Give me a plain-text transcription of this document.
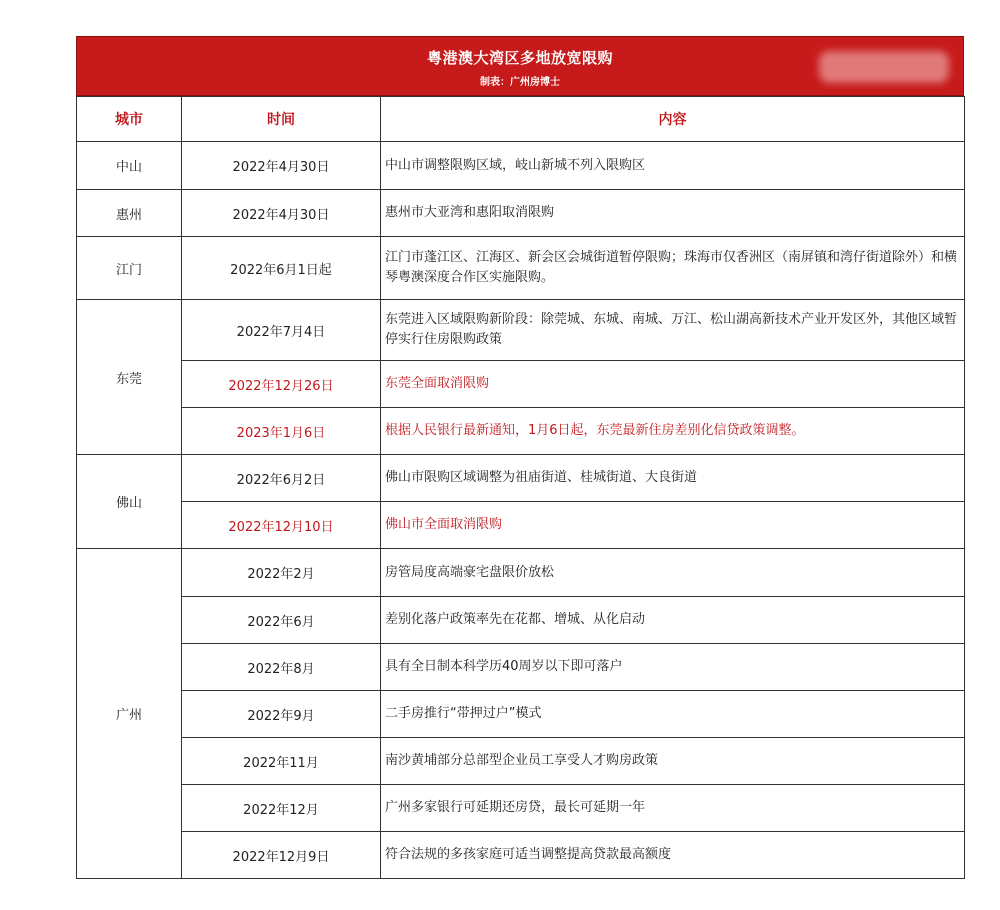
粤港澳大湾区多地放宽限购
制表：广州房博士
城市	时间	内容
中山	2022年4月30日	中山市调整限购区域，岐山新城不列入限购区
惠州	2022年4月30日	惠州市大亚湾和惠阳取消限购
江门	2022年6月1日起	江门市蓬江区、江海区、新会区会城街道暂停限购；珠海市仅香洲区（南屏镇和湾仔街道除外）和横琴粤澳深度合作区实施限购。
东莞	2022年7月4日	东莞进入区域限购新阶段：除莞城、东城、南城、万江、松山湖高新技术产业开发区外，其他区域暂停实行住房限购政策
	2022年12月26日	东莞全面取消限购
	2023年1月6日	根据人民银行最新通知，1月6日起，东莞最新住房差别化信贷政策调整。
佛山	2022年6月2日	佛山市限购区域调整为祖庙街道、桂城街道、大良街道
	2022年12月10日	佛山市全面取消限购
广州	2022年2月	房管局度高端豪宅盘限价放松
	2022年6月	差别化落户政策率先在花都、增城、从化启动
	2022年8月	具有全日制本科学历40周岁以下即可落户
	2022年9月	二手房推行“带押过户”模式
	2022年11月	南沙黄埔部分总部型企业员工享受人才购房政策
	2022年12月	广州多家银行可延期还房贷，最长可延期一年
	2022年12月9日	符合法规的多孩家庭可适当调整提高贷款最高额度
